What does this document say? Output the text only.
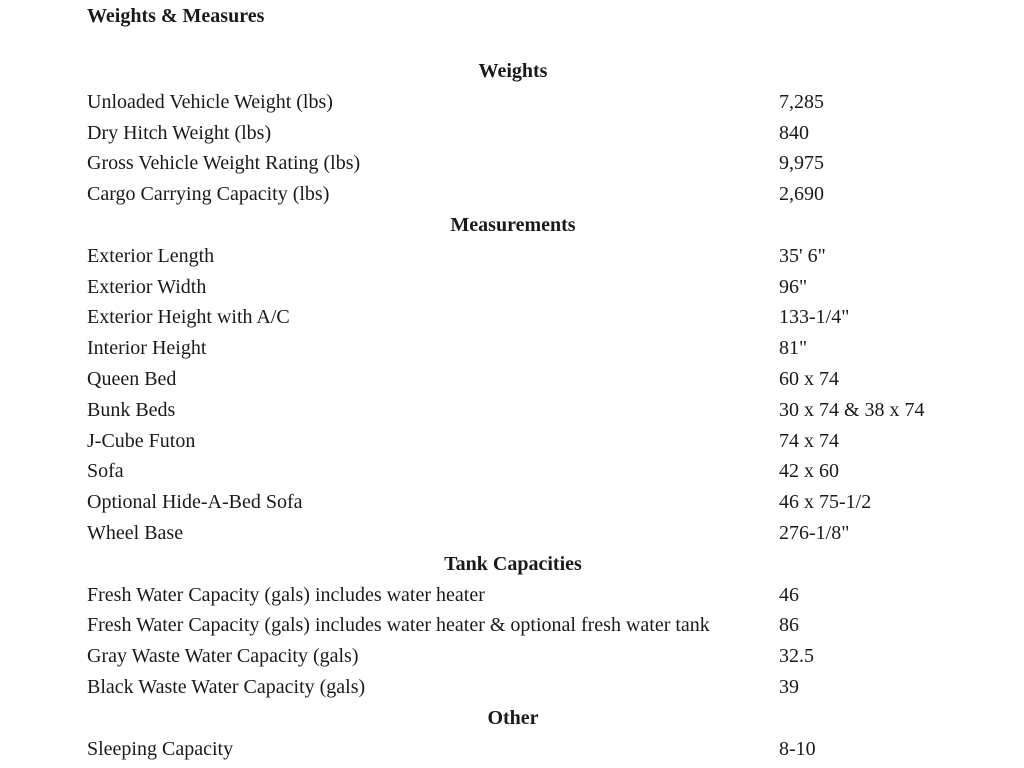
Weights & Measures
Weights
Unloaded Vehicle Weight (lbs)	7,285
Dry Hitch Weight (lbs)	840
Gross Vehicle Weight Rating (lbs)	9,975
Cargo Carrying Capacity (lbs)	2,690
Measurements
Exterior Length	35' 6"
Exterior Width	96"
Exterior Height with A/C	133-1/4"
Interior Height	81"
Queen Bed	60 x 74
Bunk Beds	30 x 74 & 38 x 74
J-Cube Futon	74 x 74
Sofa	42 x 60
Optional Hide-A-Bed Sofa	46 x 75-1/2
Wheel Base	276-1/8"
Tank Capacities
Fresh Water Capacity (gals) includes water heater	46
Fresh Water Capacity (gals) includes water heater & optional fresh water tank	86
Gray Waste Water Capacity (gals)	32.5
Black Waste Water Capacity (gals)	39
Other
Sleeping Capacity	8-10
